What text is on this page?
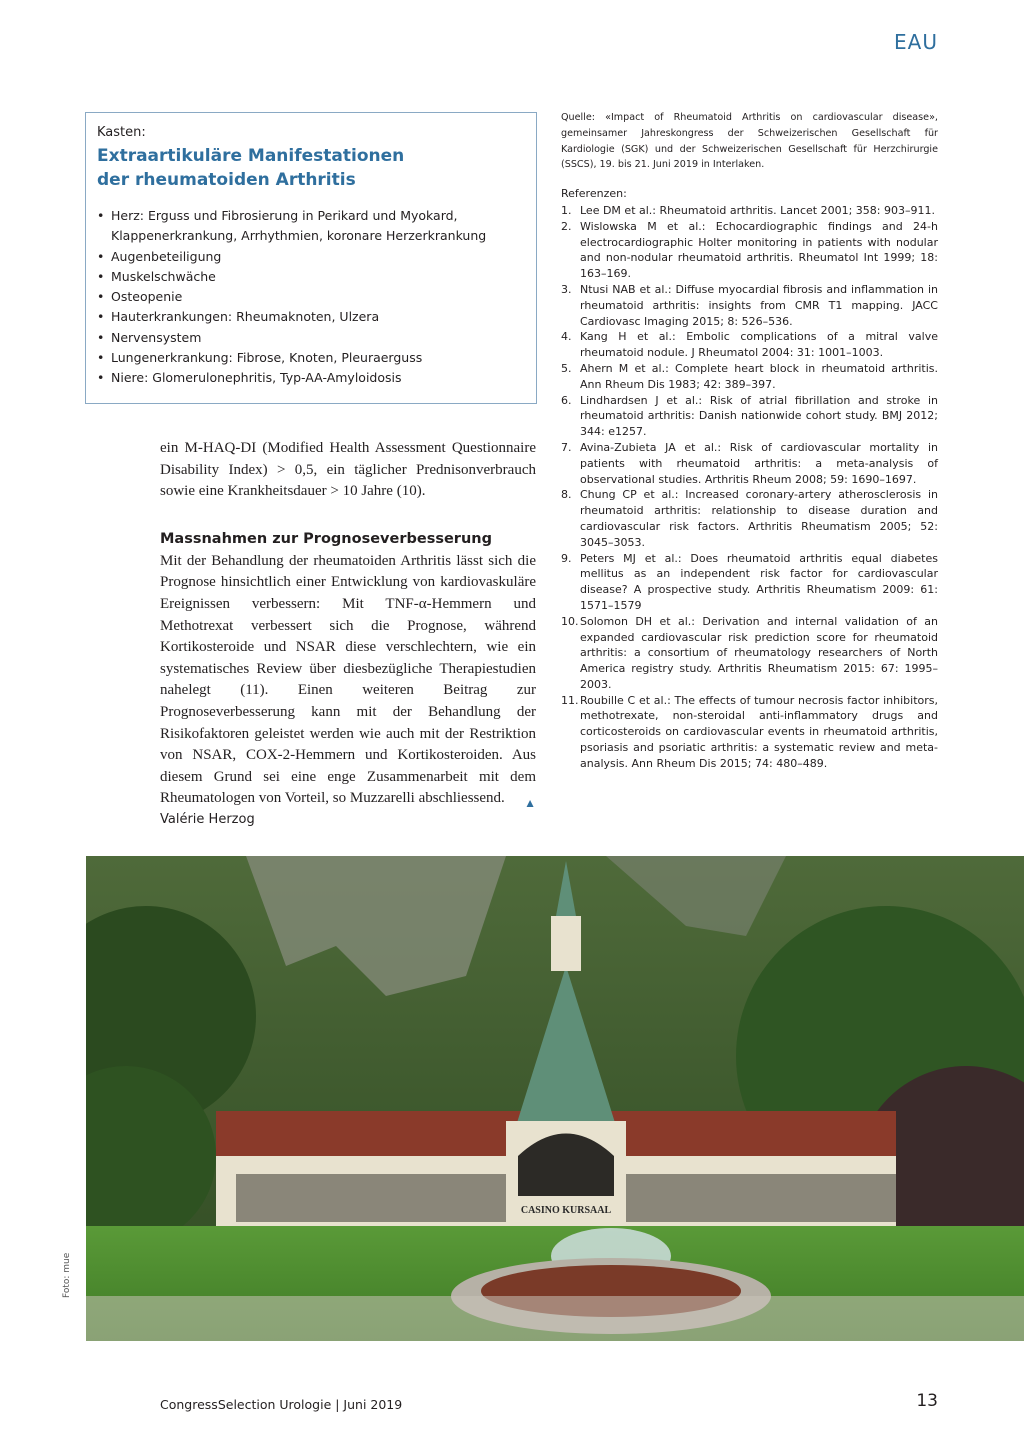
EAU
Kasten:
Extraartikuläre Manifestationen
der rheumatoiden Arthritis
• Herz: Erguss und Fibrosierung in Perikard und Myokard, Klappenerkrankung, Arrhythmien, koronare Herzerkrankung
• Augenbeteiligung
• Muskelschwäche
• Osteopenie
• Hauterkrankungen: Rheumaknoten, Ulzera
• Nervensystem
• Lungenerkrankung: Fibrose, Knoten, Pleuraerguss
• Niere: Glomerulonephritis, Typ-AA-Amyloidosis

ein M-HAQ-DI (Modified Health Assessment Questionnaire Disability Index) > 0,5, ein täglicher Prednisonverbrauch sowie eine Krankheitsdauer > 10 Jahre (10).

Massnahmen zur Prognoseverbesserung

Mit der Behandlung der rheumatoiden Arthritis lässt sich die Prognose hinsichtlich einer Entwicklung von kardiovaskuläre Ereignissen verbessern: Mit TNF-α-Hemmern und Methotrexat verbessert sich die Prognose, während Kortikosteroide und NSAR diese verschlechtern, wie ein systematisches Review über diesbezügliche Therapiestudien nahelegt (11). Einen weiteren Beitrag zur Prognoseverbesserung kann mit der Behandlung der Risikofaktoren geleistet werden wie auch mit der Restriktion von NSAR, COX-2-Hemmern und Kortikosteroiden. Aus diesem Grund sei eine enge Zusammenarbeit mit dem Rheumatologen von Vorteil, so Muzzarelli abschliessend. ▲

Valérie Herzog
Quelle: «Impact of Rheumatoid Arthritis on cardiovascular disease», gemeinsamer Jahreskongress der Schweizerischen Gesellschaft für Kardiologie (SGK) und der Schweizerischen Gesellschaft für Herzchirurgie (SSCS), 19. bis 21. Juni 2019 in Interlaken.
Referenzen:
1. Lee DM et al.: Rheumatoid arthritis. Lancet 2001; 358: 903–911.
2. Wislowska M et al.: Echocardiographic findings and 24-h electrocardiographic Holter monitoring in patients with nodular and non-nodular rheumatoid arthritis. Rheumatol Int 1999; 18: 163–169.
3. Ntusi NAB et al.: Diffuse myocardial fibrosis and inflammation in rheumatoid arthritis: insights from CMR T1 mapping. JACC Cardiovasc Imaging 2015; 8: 526–536.
4. Kang H et al.: Embolic complications of a mitral valve rheumatoid nodule. J Rheumatol 2004: 31: 1001–1003.
5. Ahern M et al.: Complete heart block in rheumatoid arthritis. Ann Rheum Dis 1983; 42: 389–397.
6. Lindhardsen J et al.: Risk of atrial fibrillation and stroke in rheumatoid arthritis: Danish nationwide cohort study. BMJ 2012; 344: e1257.
7. Avina-Zubieta JA et al.: Risk of cardiovascular mortality in patients with rheumatoid arthritis: a meta-analysis of observational studies. Arthritis Rheum 2008; 59: 1690–1697.
8. Chung CP et al.: Increased coronary-artery atherosclerosis in rheumatoid arthritis: relationship to disease duration and cardiovascular risk factors. Arthritis Rheumatism 2005; 52: 3045–3053.
9. Peters MJ et al.: Does rheumatoid arthritis equal diabetes mellitus as an independent risk factor for cardiovascular disease? A prospective study. Arthritis Rheumatism 2009: 61: 1571–1579
10. Solomon DH et al.: Derivation and internal validation of an expanded cardiovascular risk prediction score for rheumatoid arthritis: a consortium of rheumatology researchers of North America registry study. Arthritis Rheumatism 2015: 67: 1995–2003.
11. Roubille C et al.: The effects of tumour necrosis factor inhibitors, methotrexate, non-steroidal anti-inflammatory drugs and corticosteroids on cardiovascular events in rheumatoid arthritis, psoriasis and psoriatic arthritis: a systematic review and meta-analysis. Ann Rheum Dis 2015; 74: 480–489.
CASINO KURSAAL
Foto: mue
CongressSelection Urologie | Juni 2019	13
